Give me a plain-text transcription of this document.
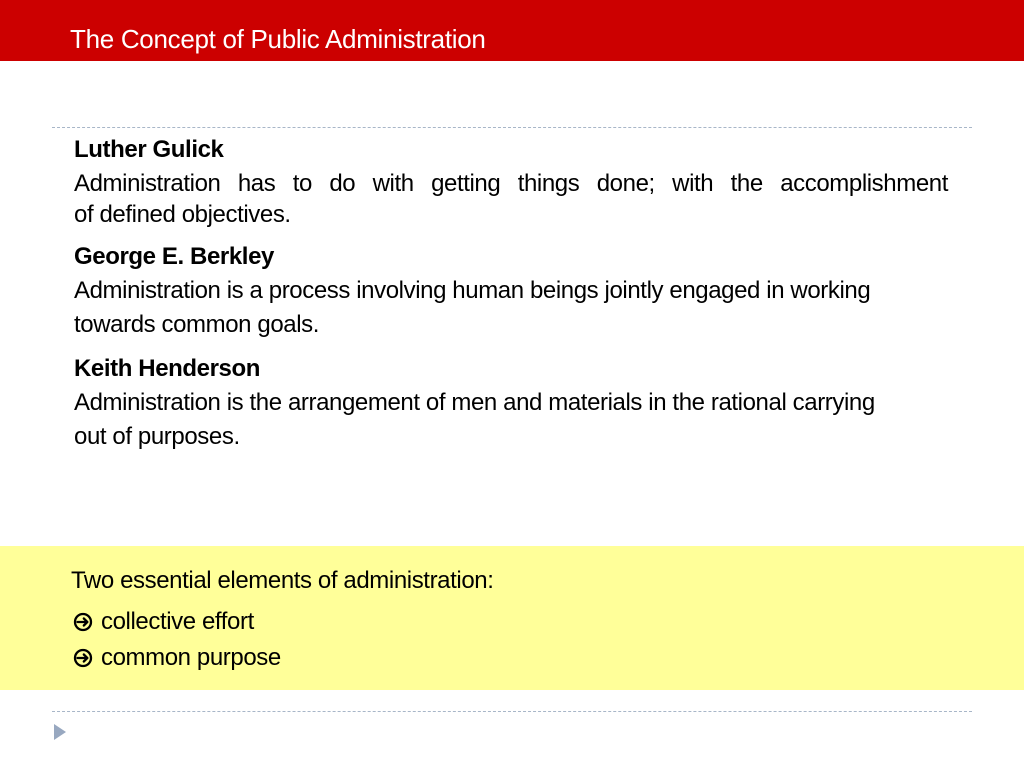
The Concept of Public Administration
Luther Gulick
Administration has to do with getting things done; with the accomplishment
of defined objectives.
George E. Berkley
Administration is a process involving human beings jointly engaged in working towards common goals.
Keith Henderson
Administration is the arrangement of men and materials in the rational carrying out of purposes.
Two essential elements of administration:
collective effort
common purpose
